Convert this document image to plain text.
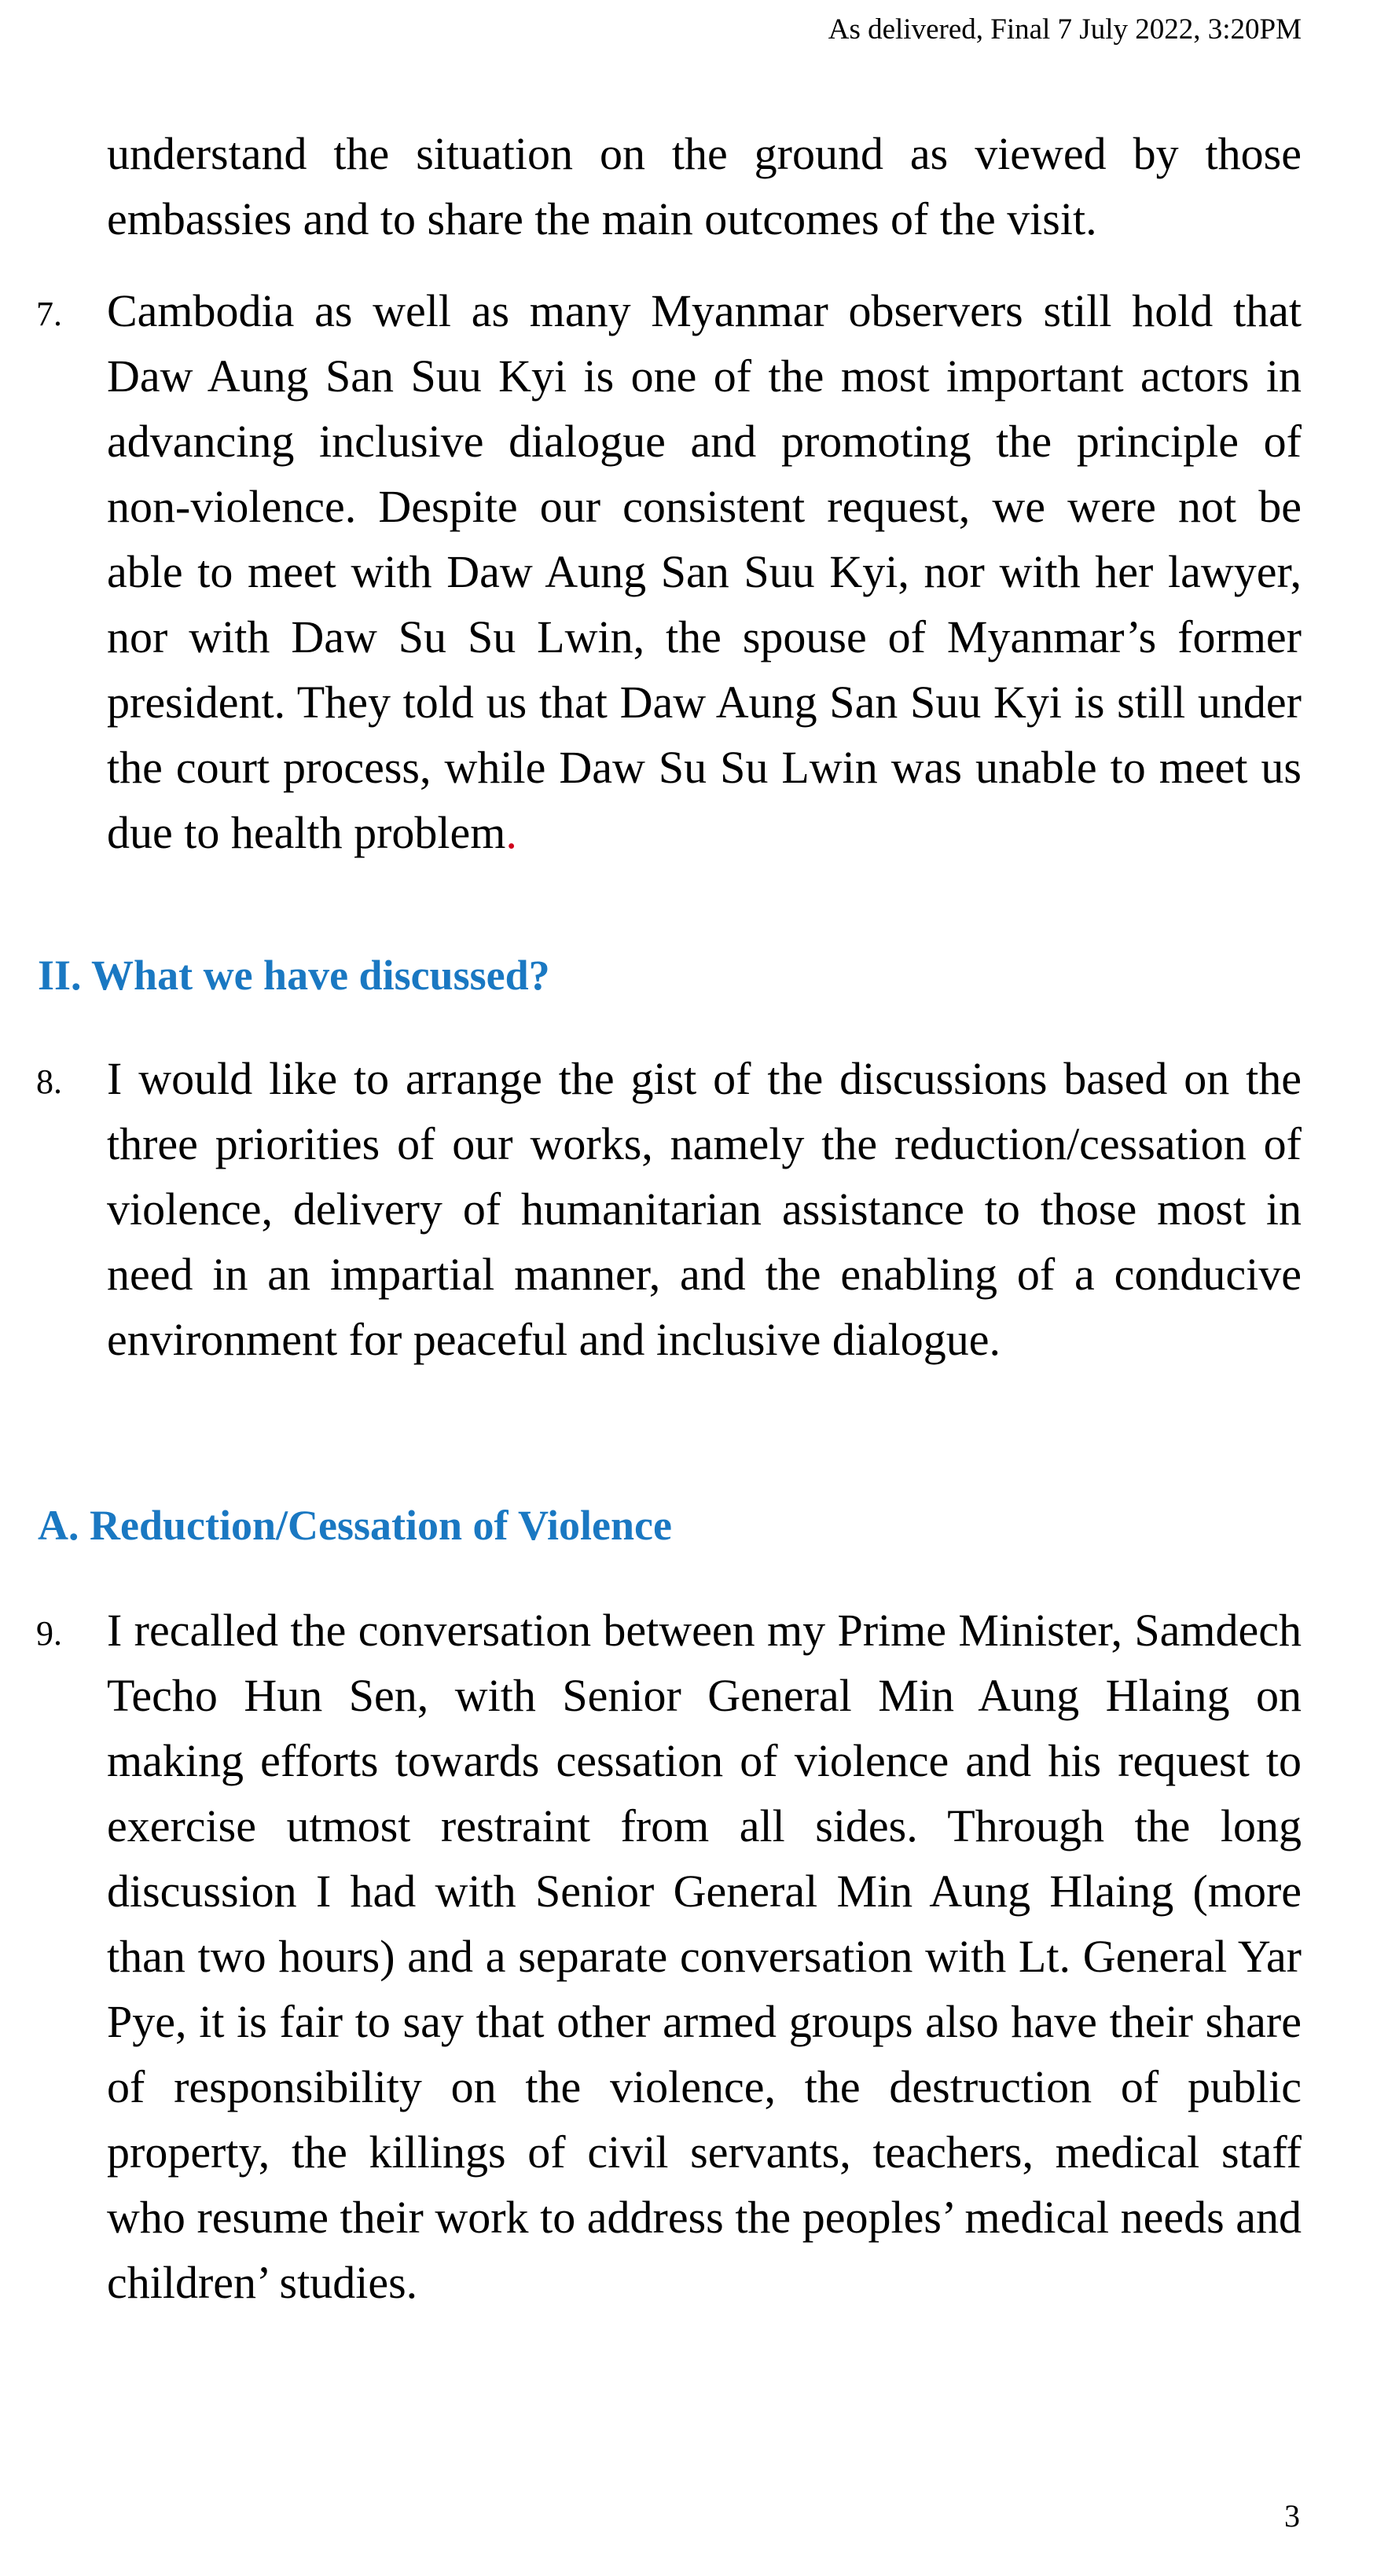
As delivered, Final 7 July 2022, 3:20PM
understand the situation on the ground as viewed by those embassies and to share the main outcomes of the visit.
7. Cambodia as well as many Myanmar observers still hold that Daw Aung San Suu Kyi is one of the most important actors in advancing inclusive dialogue and promoting the principle of non-violence. Despite our consistent request, we were not be able to meet with Daw Aung San Suu Kyi, nor with her lawyer, nor with Daw Su Su Lwin, the spouse of Myanmar’s former president. They told us that Daw Aung San Suu Kyi is still under the court process, while Daw Su Su Lwin was unable to meet us due to health problem.
II. What we have discussed?
8. I would like to arrange the gist of the discussions based on the three priorities of our works, namely the reduction/cessation of violence, delivery of humanitarian assistance to those most in need in an impartial manner, and the enabling of a conducive environment for peaceful and inclusive dialogue.
A. Reduction/Cessation of Violence
9. I recalled the conversation between my Prime Minister, Samdech Techo Hun Sen, with Senior General Min Aung Hlaing on making efforts towards cessation of violence and his request to exercise utmost restraint from all sides. Through the long discussion I had with Senior General Min Aung Hlaing (more than two hours) and a separate conversation with Lt. General Yar Pye, it is fair to say that other armed groups also have their share of responsibility on the violence, the destruction of public property, the killings of civil servants, teachers, medical staff who resume their work to address the peoples’ medical needs and children’ studies.
3
